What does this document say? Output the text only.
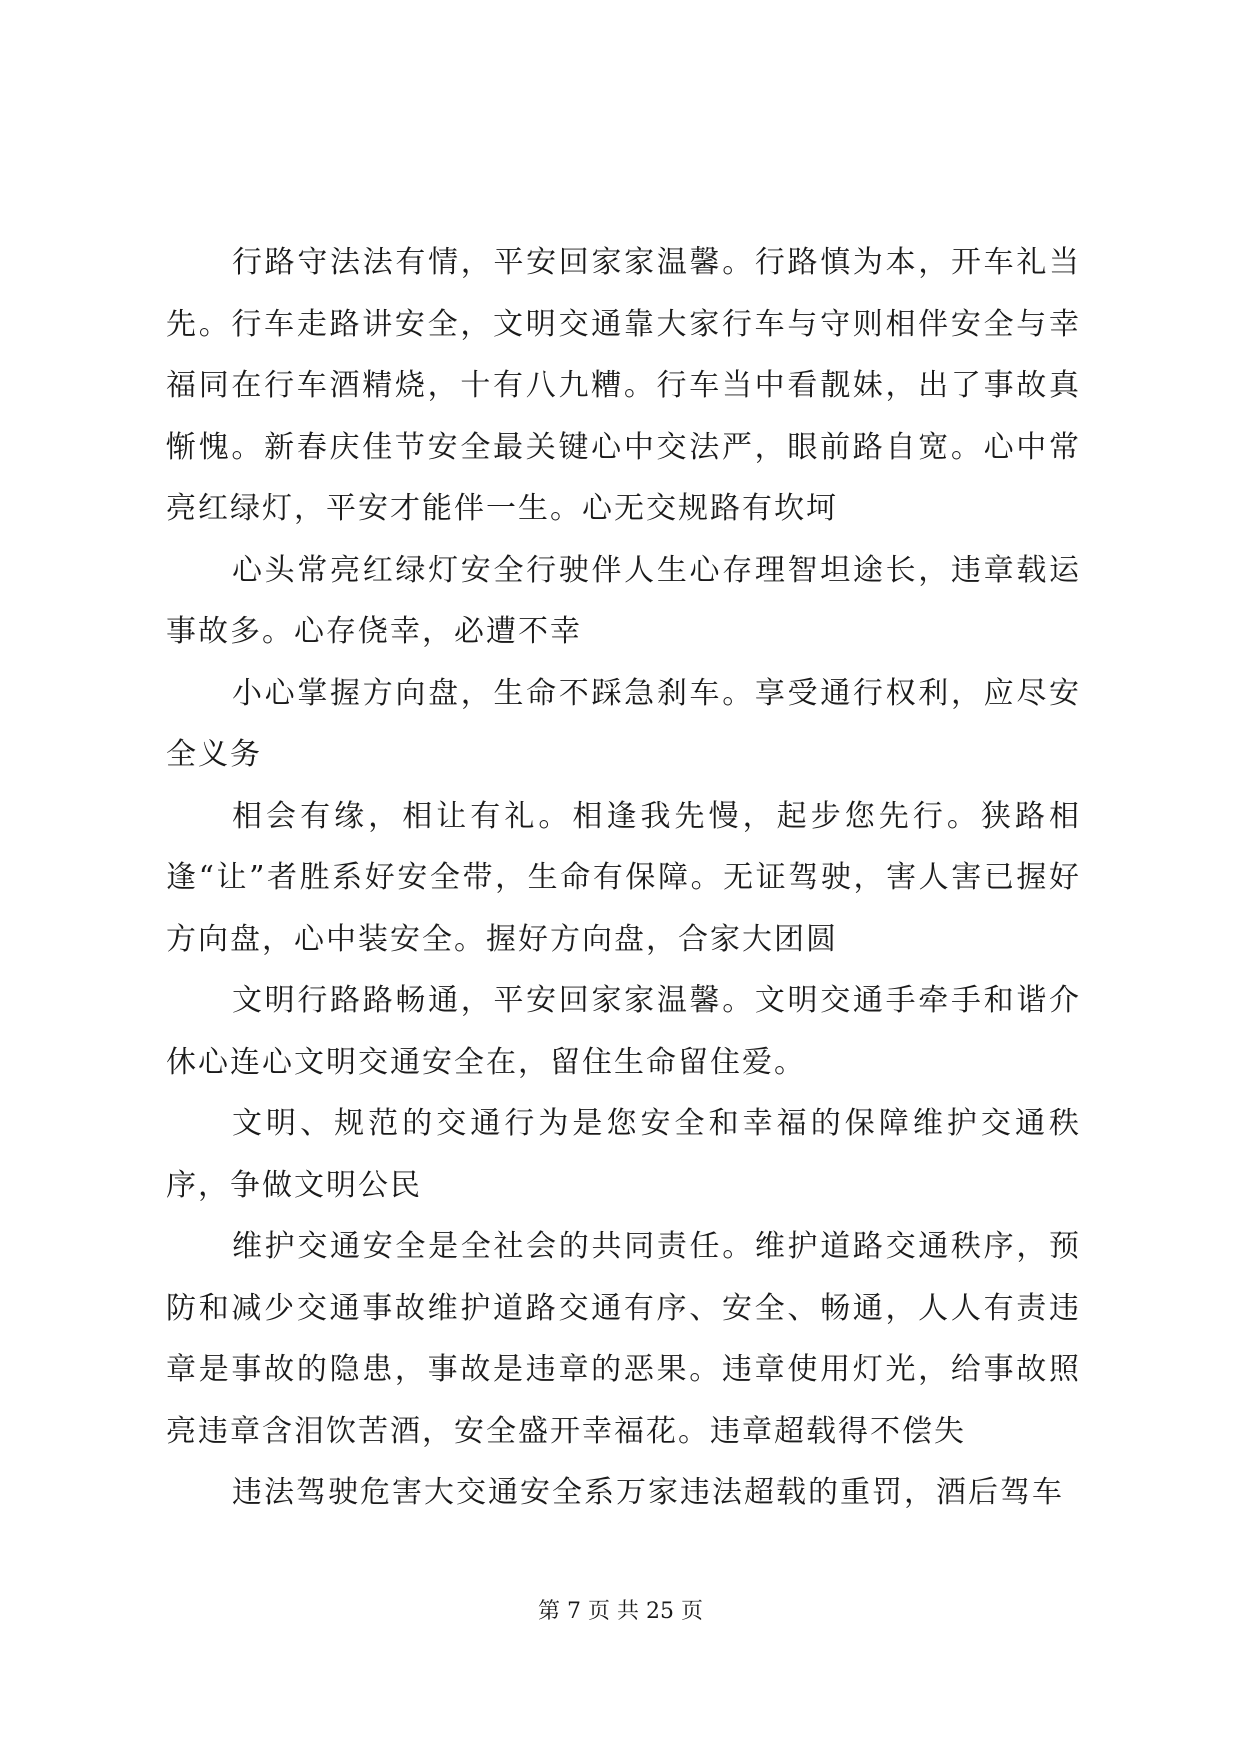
行路守法法有情，平安回家家温馨。行路慎为本，开车礼当先。行车走路讲安全，文明交通靠大家行车与守则相伴安全与幸福同在行车酒精烧，十有八九糟。行车当中看靓妹，出了事故真惭愧。新春庆佳节安全最关键心中交法严，眼前路自宽。心中常亮红绿灯，平安才能伴一生。心无交规路有坎坷

心头常亮红绿灯安全行驶伴人生心存理智坦途长，违章载运事故多。心存侥幸，必遭不幸

小心掌握方向盘，生命不踩急刹车。享受通行权利，应尽安全义务

相会有缘，相让有礼。相逢我先慢，起步您先行。狭路相逢“让”者胜系好安全带，生命有保障。无证驾驶，害人害已握好方向盘，心中装安全。握好方向盘，合家大团圆

文明行路路畅通，平安回家家温馨。文明交通手牵手和谐介休心连心文明交通安全在，留住生命留住爱。

文明、规范的交通行为是您安全和幸福的保障维护交通秩序，争做文明公民

维护交通安全是全社会的共同责任。维护道路交通秩序，预防和减少交通事故维护道路交通有序、安全、畅通，人人有责违章是事故的隐患，事故是违章的恶果。违章使用灯光，给事故照亮违章含泪饮苦酒，安全盛开幸福花。违章超载得不偿失

违法驾驶危害大交通安全系万家违法超载的重罚，酒后驾车

第 7 页 共 25 页
